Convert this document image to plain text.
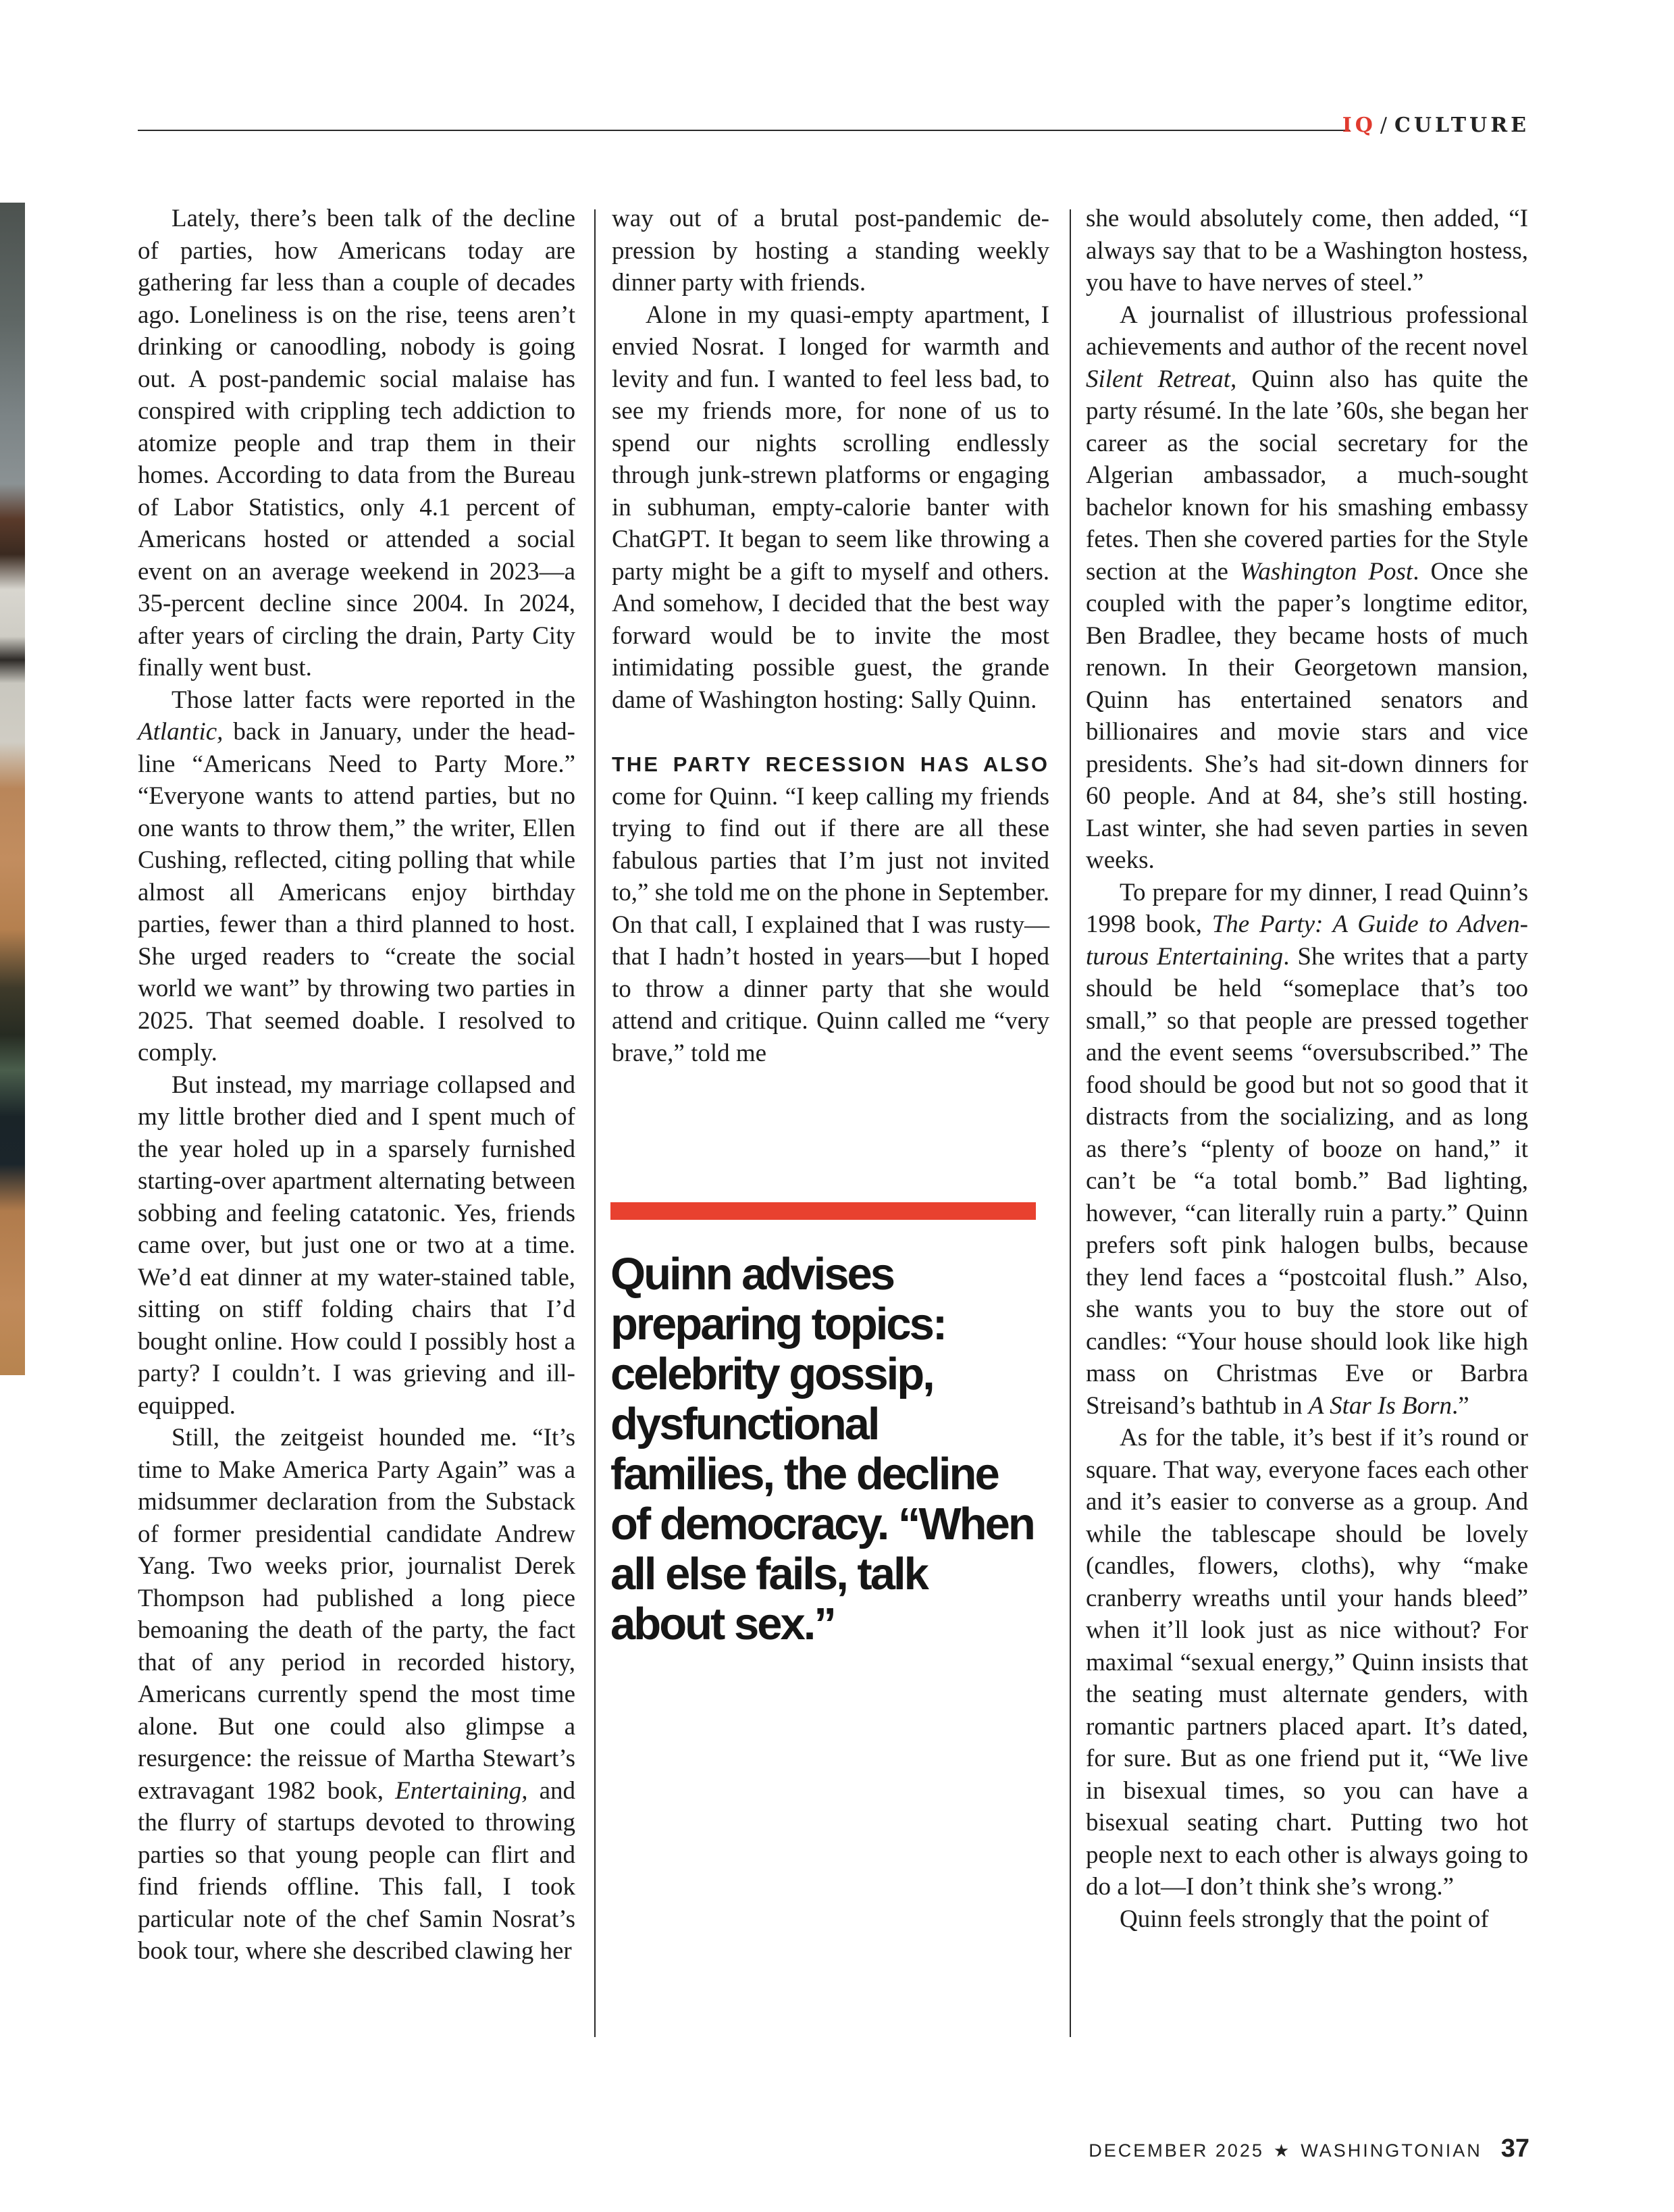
IQ / CULTURE

Lately, there’s been talk of the decline of parties, how Americans today are gathering far less than a couple of decades ago. Loneliness is on the rise, teens aren’t drinking or canoodling, nobody is going out. A post-pandemic social malaise has conspired with crippling tech addiction to atomize people and trap them in their homes. According to data from the Bureau of Labor Statistics, only 4.1 percent of Americans hosted or attended a social event on an average weekend in 2023—a 35-percent decline since 2004. In 2024, after years of circling the drain, Party City finally went bust.

Those latter facts were reported in the Atlantic, back in January, under the headline “Americans Need to Party More.” “Everyone wants to attend parties, but no one wants to throw them,” the writer, Ellen Cushing, reflected, citing polling that while almost all Americans enjoy birthday parties, fewer than a third planned to host. She urged readers to “create the social world we want” by throwing two parties in 2025. That seemed doable. I resolved to comply.

But instead, my marriage collapsed and my little brother died and I spent much of the year holed up in a sparsely furnished starting-over apartment alternating between sobbing and feeling catatonic. Yes, friends came over, but just one or two at a time. We’d eat dinner at my water-stained table, sitting on stiff folding chairs that I’d bought online. How could I possibly host a party? I couldn’t. I was grieving and ill-equipped.

Still, the zeitgeist hounded me. “It’s time to Make America Party Again” was a midsummer declaration from the Substack of former presidential candidate Andrew Yang. Two weeks prior, journalist Derek Thompson had published a long piece bemoaning the death of the party, the fact that of any period in recorded history, Americans currently spend the most time alone. But one could also glimpse a resurgence: the reissue of Martha Stewart’s extravagant 1982 book, Entertaining, and the flurry of startups devoted to throwing parties so that young people can flirt and find friends offline. This fall, I took particular note of the chef Samin Nosrat’s book tour, where she described clawing her

way out of a brutal post-pandemic depression by hosting a standing weekly dinner party with friends.

Alone in my quasi-empty apartment, I envied Nosrat. I longed for warmth and levity and fun. I wanted to feel less bad, to see my friends more, for none of us to spend our nights scrolling endlessly through junk-strewn platforms or engaging in subhuman, empty-calorie banter with ChatGPT. It began to seem like throwing a party might be a gift to myself and others. And somehow, I decided that the best way forward would be to invite the most intimidating possible guest, the grande dame of Washington hosting: Sally Quinn.

THE PARTY RECESSION HAS ALSO come for Quinn. “I keep calling my friends trying to find out if there are all these fabulous parties that I’m just not invited to,” she told me on the phone in September. On that call, I explained that I was rusty—that I hadn’t hosted in years—but I hoped to throw a dinner party that she would attend and critique. Quinn called me “very brave,” told me

Quinn advises preparing topics: celebrity gossip, dysfunctional families, the decline of democracy. “When all else fails, talk about sex.”

she would absolutely come, then added, “I always say that to be a Washington hostess, you have to have nerves of steel.”

A journalist of illustrious professional achievements and author of the recent novel Silent Retreat, Quinn also has quite the party résumé. In the late ’60s, she began her career as the social secretary for the Algerian ambassador, a much-sought bachelor known for his smashing embassy fetes. Then she covered parties for the Style section at the Washington Post. Once she coupled with the paper’s longtime editor, Ben Bradlee, they became hosts of much renown. In their Georgetown mansion, Quinn has entertained senators and billionaires and movie stars and vice presidents. She’s had sit-down dinners for 60 people. And at 84, she’s still hosting. Last winter, she had seven parties in seven weeks.

To prepare for my dinner, I read Quinn’s 1998 book, The Party: A Guide to Adventurous Entertaining. She writes that a party should be held “someplace that’s too small,” so that people are pressed together and the event seems “oversubscribed.” The food should be good but not so good that it distracts from the socializing, and as long as there’s “plenty of booze on hand,” it can’t be “a total bomb.” Bad lighting, however, “can literally ruin a party.” Quinn prefers soft pink halogen bulbs, because they lend faces a “postcoital flush.” Also, she wants you to buy the store out of candles: “Your house should look like high mass on Christmas Eve or Barbra Streisand’s bathtub in A Star Is Born.”

As for the table, it’s best if it’s round or square. That way, everyone faces each other and it’s easier to converse as a group. And while the tablescape should be lovely (candles, flowers, cloths), why “make cranberry wreaths until your hands bleed” when it’ll look just as nice without? For maximal “sexual energy,” Quinn insists that the seating must alternate genders, with romantic partners placed apart. It’s dated, for sure. But as one friend put it, “We live in bisexual times, so you can have a bisexual seating chart. Putting two hot people next to each other is always going to do a lot—I don’t think she’s wrong.”

Quinn feels strongly that the point of

DECEMBER 2025 ★ WASHINGTONIAN 37
